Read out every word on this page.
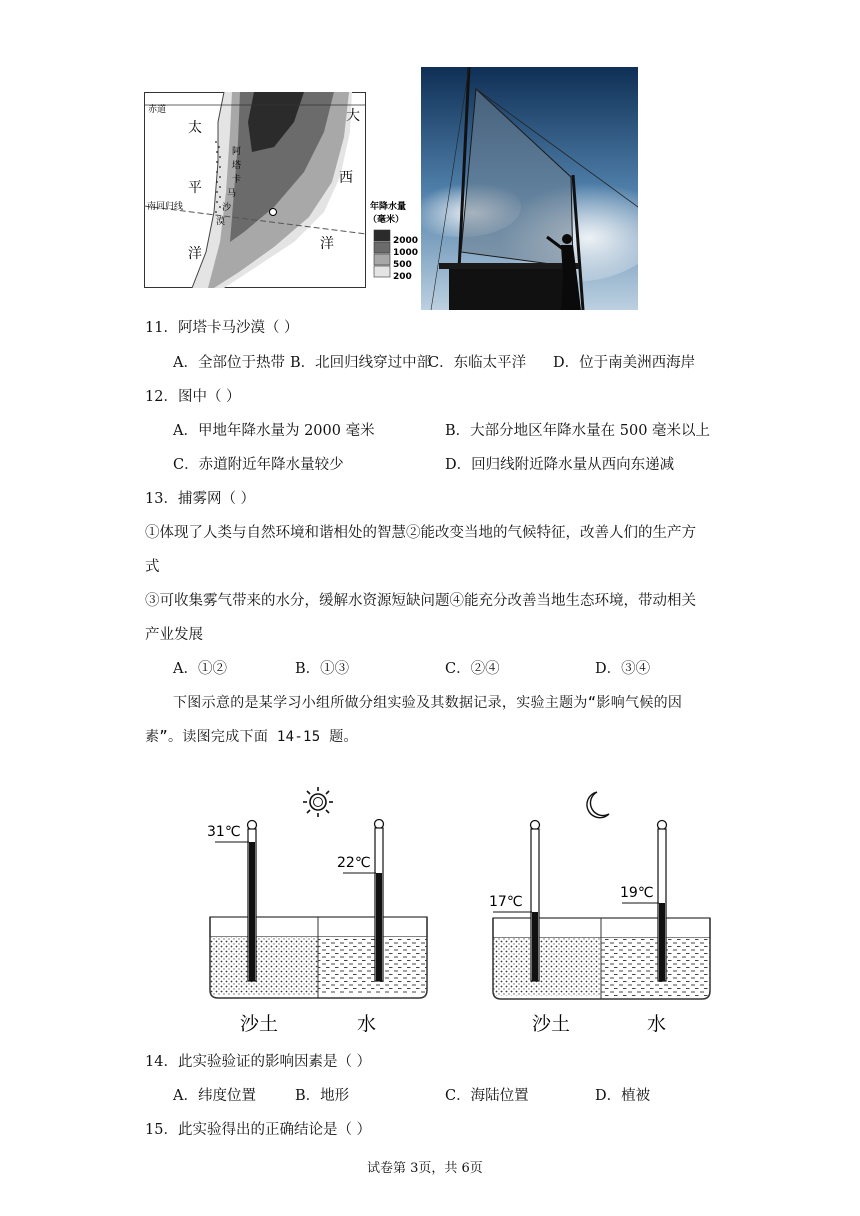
赤道
南回归线
太
平
洋
大
西
洋
阿
塔
卡
马
沙
漠
年降水量
（毫米）
2000
1000
500
200
11．阿塔卡马沙漠（ ）
A．全部位于热带 B．北回归线穿过中部
C．东临太平洋 D．位于南美洲西海岸
12．图中（ ）
A．甲地年降水量为 2000 毫米	B．大部分地区年降水量在 500 毫米以上
C．赤道附近年降水量较少	D．回归线附近降水量从西向东递减
13．捕雾网（ ）
①体现了人类与自然环境和谐相处的智慧②能改变当地的气候特征，改善人们的生产方
式
③可收集雾气带来的水分，缓解水资源短缺问题④能充分改善当地生态环境，带动相关
产业发展
A．①②	B．①③	C．②④	D．③④
下图示意的是某学习小组所做分组实验及其数据记录，实验主题为“影响气候的因
素”。读图完成下面 14-15 题。
31℃
22℃
沙土	水
17℃
19℃
沙土	水
14．此实验验证的影响因素是（ ）
A．纬度位置	B．地形	C．海陆位置	D．植被
15．此实验得出的正确结论是（ ）
试卷第 3页，共 6页
